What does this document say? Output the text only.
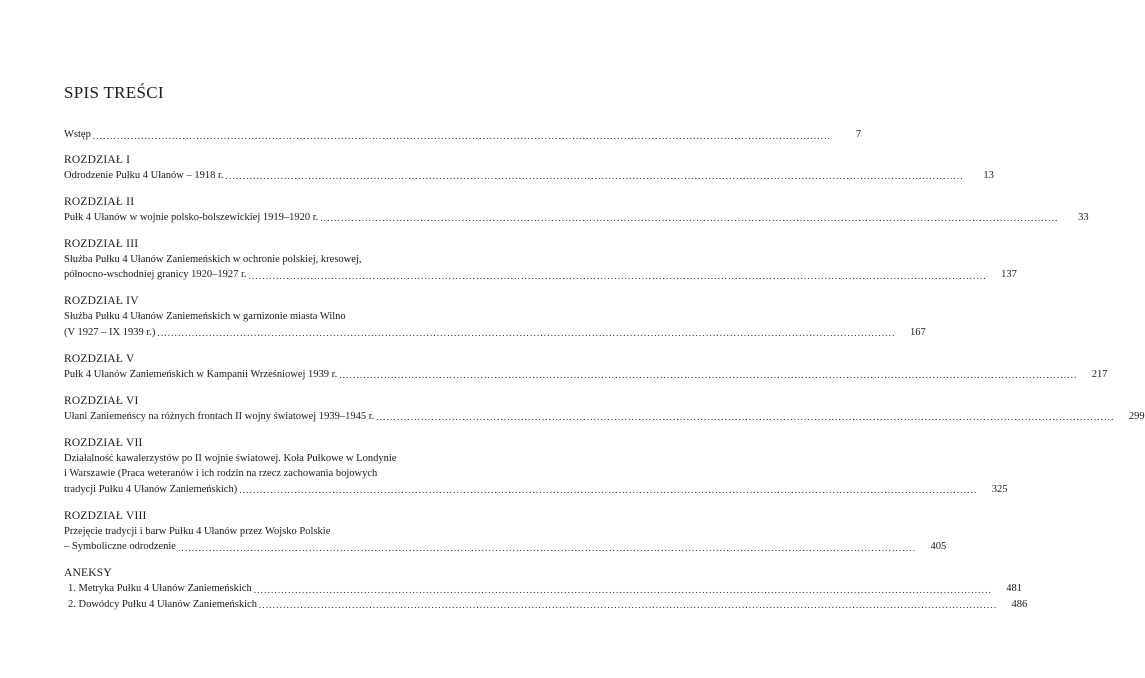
SPIS TREŚCI
Wstęp ......................................................................................................................................................................................................................	7
ROZDZIAŁ I
Odrodzenie Pułku 4 Ułanów – 1918 r. ......................................................................................................................................................................................................................	13
ROZDZIAŁ II
Pułk 4 Ułanów w wojnie polsko-bolszewickiej 1919–1920 r. ......................................................................................................................................................................................................................	33
ROZDZIAŁ III
Służba Pułku 4 Ułanów Zaniemeńskich w ochronie polskiej, kresowej,
północno-wschodniej granicy 1920–1927 r. ......................................................................................................................................................................................................................	137
ROZDZIAŁ IV
Służba Pułku 4 Ułanów Zaniemeńskich w garnizonie miasta Wilno
(V 1927 – IX 1939 r.) ......................................................................................................................................................................................................................	167
ROZDZIAŁ V
Pułk 4 Ułanów Zaniemeńskich w Kampanii Wrześniowej 1939 r. ......................................................................................................................................................................................................................	217
ROZDZIAŁ VI
Ułani Zaniemeńscy na różnych frontach II wojny światowej 1939–1945 r. ......................................................................................................................................................................................................................	299
ROZDZIAŁ VII
Działalność kawalerzystów po II wojnie światowej. Koła Pułkowe w Londynie
i Warszawie (Praca weteranów i ich rodzin na rzecz zachowania bojowych
tradycji Pułku 4 Ułanów Zaniemeńskich) ......................................................................................................................................................................................................................	325
ROZDZIAŁ VIII
Przejęcie tradycji i barw Pułku 4 Ułanów przez Wojsko Polskie
– Symboliczne odrodzenie ......................................................................................................................................................................................................................	405
ANEKSY
1. Metryka Pułku 4 Ułanów Zaniemeńskich ......................................................................................................................................................................................................................	481
2. Dowódcy Pułku 4 Ułanów Zaniemeńskich ......................................................................................................................................................................................................................	486
